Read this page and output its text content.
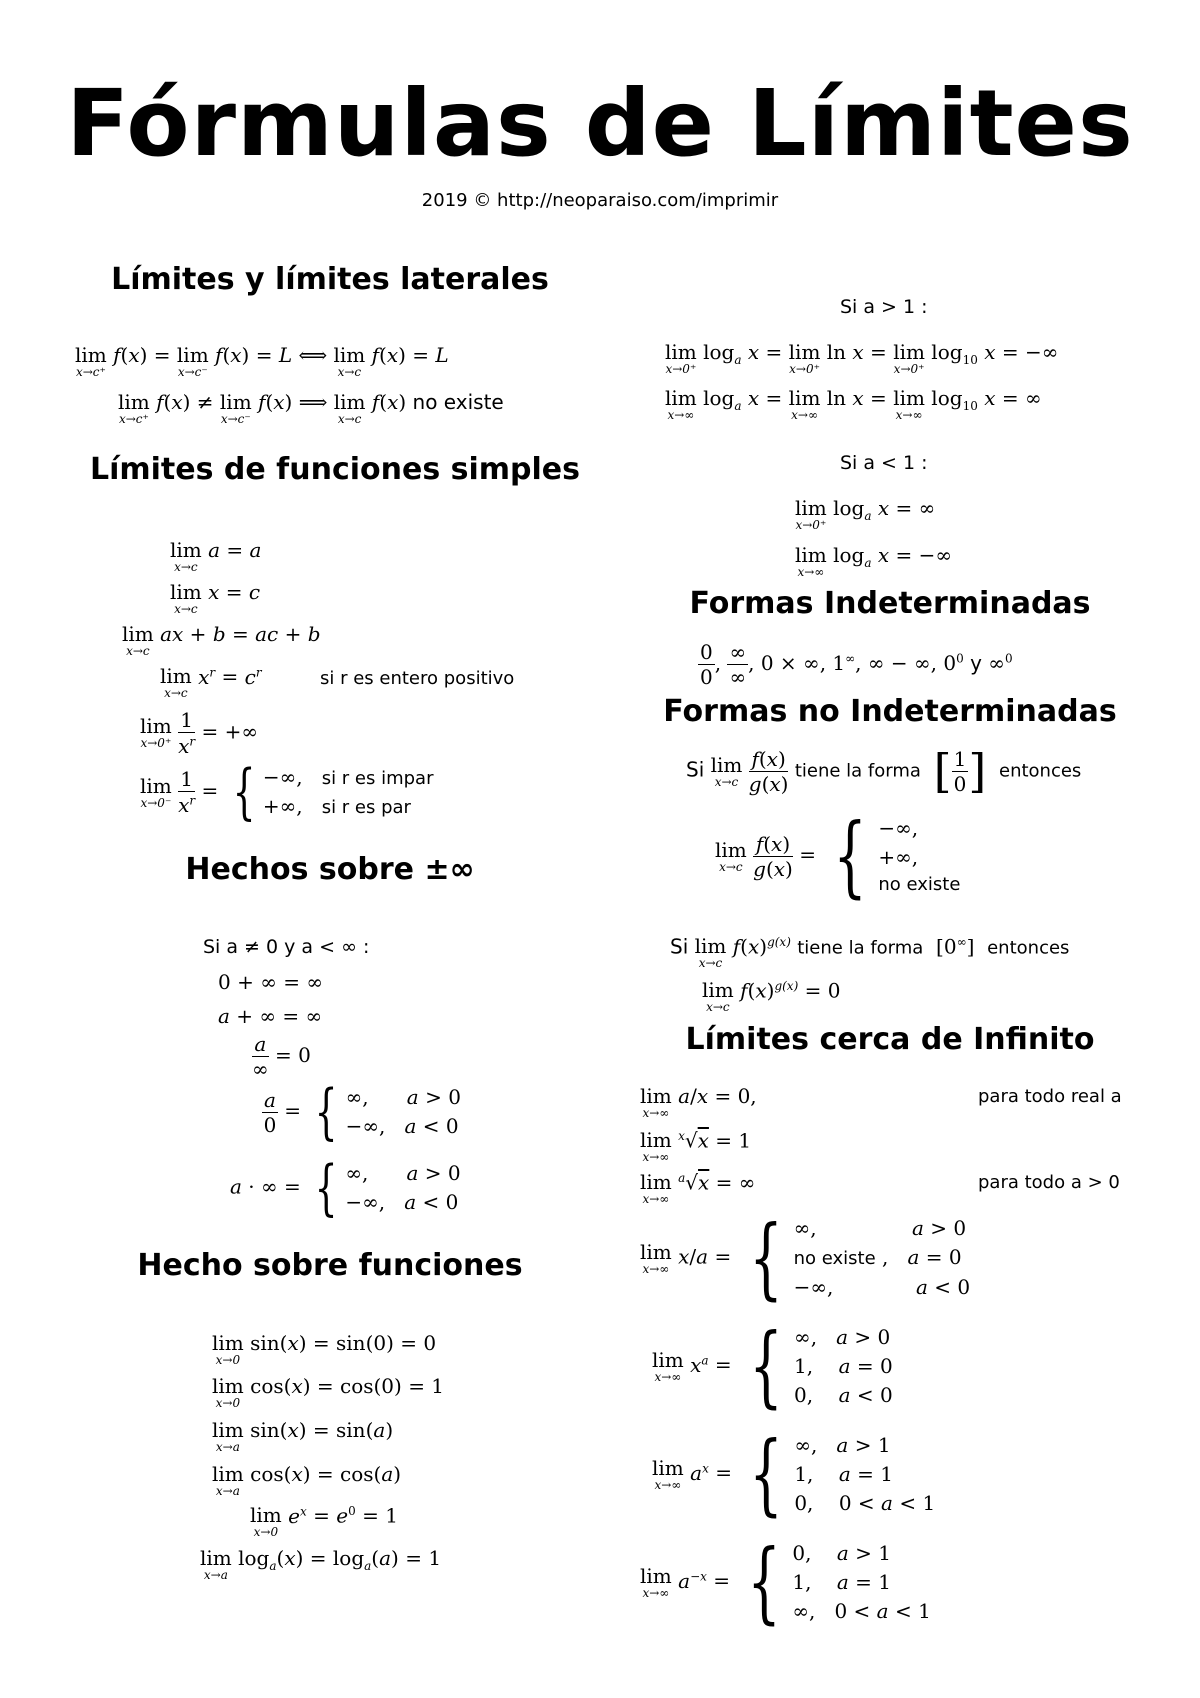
Fórmulas de Límites
2019 © http://neoparaiso.com/imprimir
Límites y límites laterales
lim
x→c⁺
f(x) = lim
x→c⁻
f(x) = L ⟺ lim
x→c
f(x) = L
lim
x→c⁺
f(x) ≠ lim
x→c⁻
f(x) ⟹ lim
x→c
f(x) no existe
Límites de funciones simples
lim
x→c
a = a
lim
x→c
x = c
lim
x→c
ax + b = ac + b
lim
x→c
$x^r = c^r$	si r es entero positivo
lim
x→0⁺
$\frac{1}{x^r}$ = +∞
lim
x→0⁻
$\frac{1}{x^r}$ = { −∞,   si r es impar
+∞,   si r es par
Hechos sobre ±∞
Si a ≠ 0 y a < ∞ :
0 + ∞ = ∞
a + ∞ = ∞
$\frac{a}{\infty} = 0$
$\frac{a}{0}$ = { ∞,      a > 0
−∞,   a < 0
a · ∞ = { ∞,      a > 0
−∞,   a < 0
Hecho sobre funciones
lim
x→0
sin(x) = sin(0) = 0
lim
x→0
cos(x) = cos(0) = 1
lim
x→a
sin(x) = sin(a)
lim
x→a
cos(x) = cos(a)
lim
x→0
$e^x = e^0 = 1$
lim
x→a
$\log_a(x) = \log_a(a) = 1$
Si a > 1 :
lim
x→0⁺
$\log_a x = \lim$
x→0⁺
ln x = lim
x→0⁺
$\log_{10} x$ = −∞
lim
x→∞
$\log_a x = \lim$
x→∞
ln x = lim
x→∞
$\log_{10} x$ = ∞
Si a < 1 :
lim
x→0⁺
$\log_a x$ = ∞
lim
x→∞
$\log_a x$ = −∞
Formas Indeterminadas
$\frac{0}{0}$ , $\frac{\infty}{\infty}$ , 0 × ∞, 1∞, ∞ − ∞, $0^0$ y ∞$^0$
Formas no Indeterminadas
Si lim
x→c
$\frac{f(x)}{g(x)}$ tiene la forma [ $\frac{1}{0}$ ] entonces
lim
x→c
$\frac{f(x)}{g(x)}$ = { −∞,
+∞,
no existe
Si lim
x→c
$f(x)^{g(x)}$ tiene la forma  [0∞]  entonces
lim
x→c
$f(x)^{g(x)} = 0$
Límites cerca de Infinito
lim
x→∞
a/x = 0,	para todo real a
lim
x→∞
$^x$√x = 1
lim
x→∞
$^a$√x = ∞	para todo a > 0
lim
x→∞ x/a = { ∞,               a > 0
no existe ,   a = 0
−∞,             a < 0
lim
x→∞ $x^a$ = { ∞,   a > 0
1,    a = 0
0,    a < 0
lim
x→∞ $a^x$ = { ∞,   a > 1
1,    a = 1
0,    0 < a < 1
lim
x→∞ $a^{-x}$ = { 0,    a > 1
1,    a = 1
∞,   0 < a < 1
